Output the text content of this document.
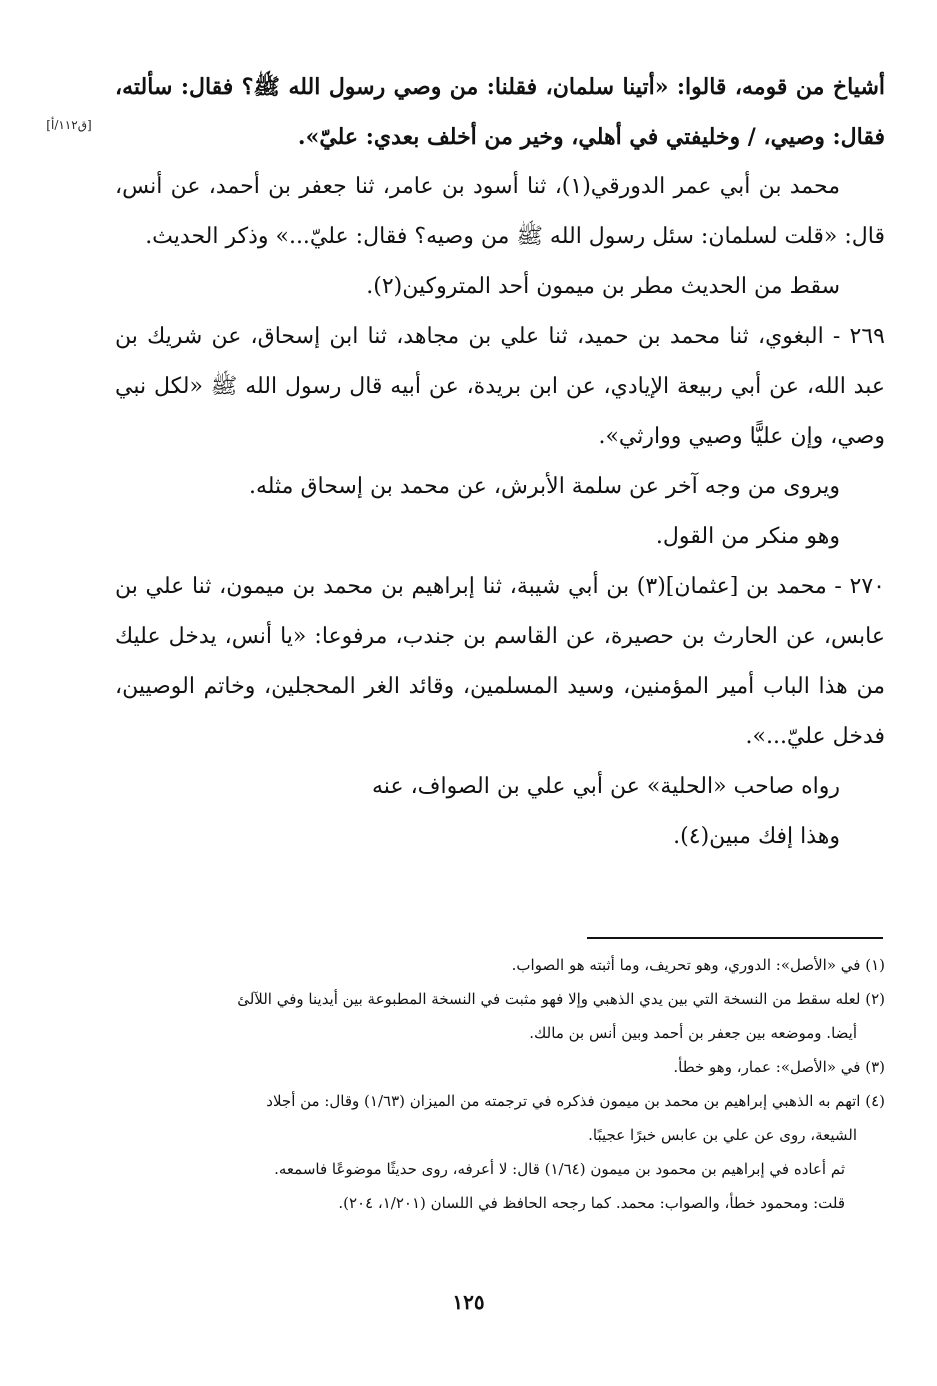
[ق١١٢/أ]

أشياخ من قومه، قالوا: «أتينا سلمان، فقلنا: من وصي رسول الله ﷺ؟ فقال: سألته، فقال: وصيي، / وخليفتي في أهلي، وخير من أخلف بعدي: عليّ».

محمد بن أبي عمر الدورقي(١)، ثنا أسود بن عامر، ثنا جعفر بن أحمد، عن أنس، قال: «قلت لسلمان: سئل رسول الله ﷺ من وصيه؟ فقال: عليّ...» وذكر الحديث.

سقط من الحديث مطر بن ميمون أحد المتروكين(٢).

٢٦٩ - البغوي، ثنا محمد بن حميد، ثنا علي بن مجاهد، ثنا ابن إسحاق، عن شريك بن عبد الله، عن أبي ربيعة الإيادي، عن ابن بريدة، عن أبيه قال رسول الله ﷺ «لكل نبي وصي، وإن عليًّا وصيي ووارثي».

ويروى من وجه آخر عن سلمة الأبرش، عن محمد بن إسحاق مثله.

وهو منكر من القول.

٢٧٠ - محمد بن [عثمان](٣) بن أبي شيبة، ثنا إبراهيم بن محمد بن ميمون، ثنا علي بن عابس، عن الحارث بن حصيرة، عن القاسم بن جندب، مرفوعا: «يا أنس، يدخل عليك من هذا الباب أمير المؤمنين، وسيد المسلمين، وقائد الغر المحجلين، وخاتم الوصيين، فدخل عليّ...».

رواه صاحب «الحلية» عن أبي علي بن الصواف، عنه

وهذا إفك مبين(٤).

(١) في «الأصل»: الدوري، وهو تحريف، وما أثبته هو الصواب.

(٢) لعله سقط من النسخة التي بين يدي الذهبي وإلا فهو مثبت في النسخة المطبوعة بين أيدينا وفي اللآلئ

أيضا. وموضعه بين جعفر بن أحمد وبين أنس بن مالك.

(٣) في «الأصل»: عمار، وهو خطأ.

(٤) اتهم به الذهبي إبراهيم بن محمد بن ميمون فذكره في ترجمته من الميزان (١/٦٣) وقال: من أجلاد

الشيعة، روى عن علي بن عابس خبرًا عجيبًا.

ثم أعاده في إبراهيم بن محمود بن ميمون (١/٦٤) قال: لا أعرفه، روى حديثًا موضوعًا فاسمعه.

قلت: ومحمود خطأ، والصواب: محمد. كما رجحه الحافظ في اللسان (١/٢٠١، ٢٠٤).

١٢٥
